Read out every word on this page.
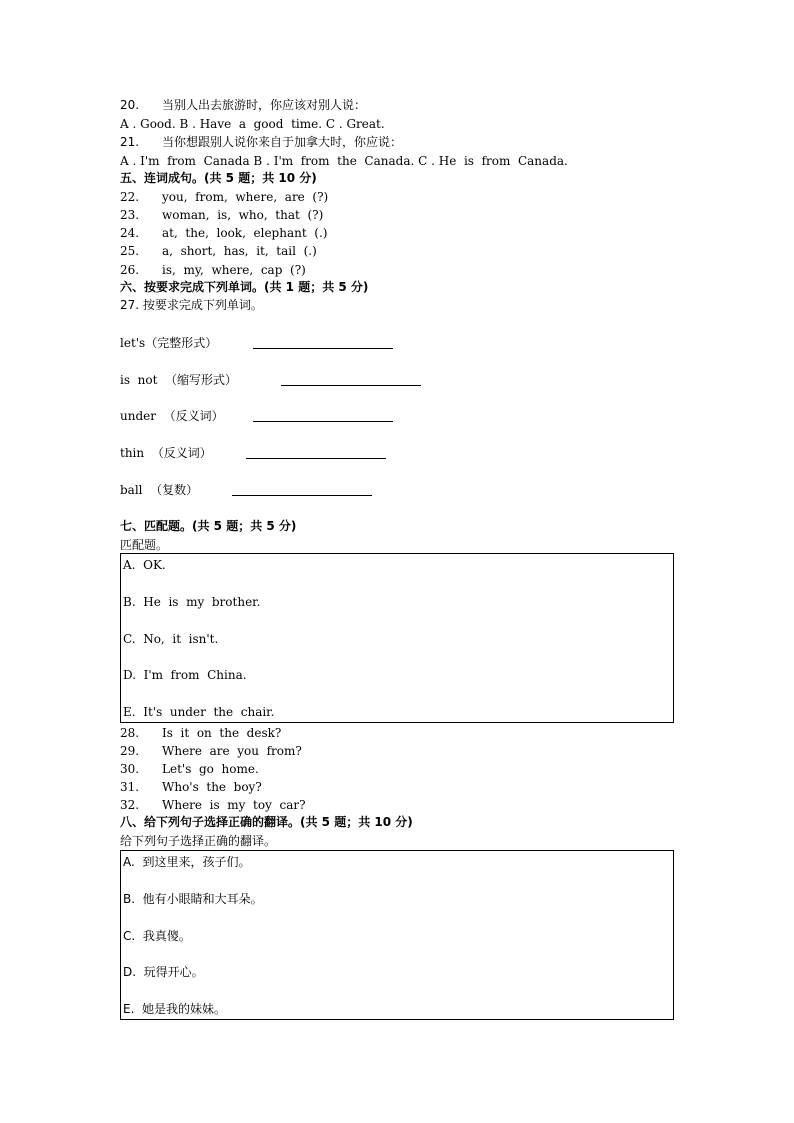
20. 当别人出去旅游时，你应该对别人说：
A . Good. B . Have  a  good  time. C . Great.
21. 当你想跟别人说你来自于加拿大时，你应说：
A . I'm  from  Canada B . I'm  from  the  Canada. C . He  is  from  Canada.
五、连词成句。(共 5 题；共 10 分)
22. you,  from,  where,  are  (?)
23. woman,  is,  who,  that  (?)
24. at,  the,  look,  elephant  (.)
25. a,  short,  has,  it,  tail  (.)
26. is,  my,  where,  cap  (?)
六、按要求完成下列单词。(共 1 题；共 5 分)
27. 按要求完成下列单词。
let's（完整形式）
is  not  （缩写形式）
under  （反义词）
thin  （反义词）
ball  （复数）
七、匹配题。(共 5 题；共 5 分)
匹配题。
A.  OK.
B.  He  is  my  brother.
C.  No,  it  isn't.
D.  I'm  from  China.
E.  It's  under  the  chair.
28. Is  it  on  the  desk?
29. Where  are  you  from?
30. Let's  go  home.
31. Who's  the  boy?
32. Where  is  my  toy  car?
八、给下列句子选择正确的翻译。(共 5 题；共 10 分)
给下列句子选择正确的翻译。
A.  到这里来，孩子们。
B.  他有小眼睛和大耳朵。
C.  我真傻。
D.  玩得开心。
E.  她是我的妹妹。
